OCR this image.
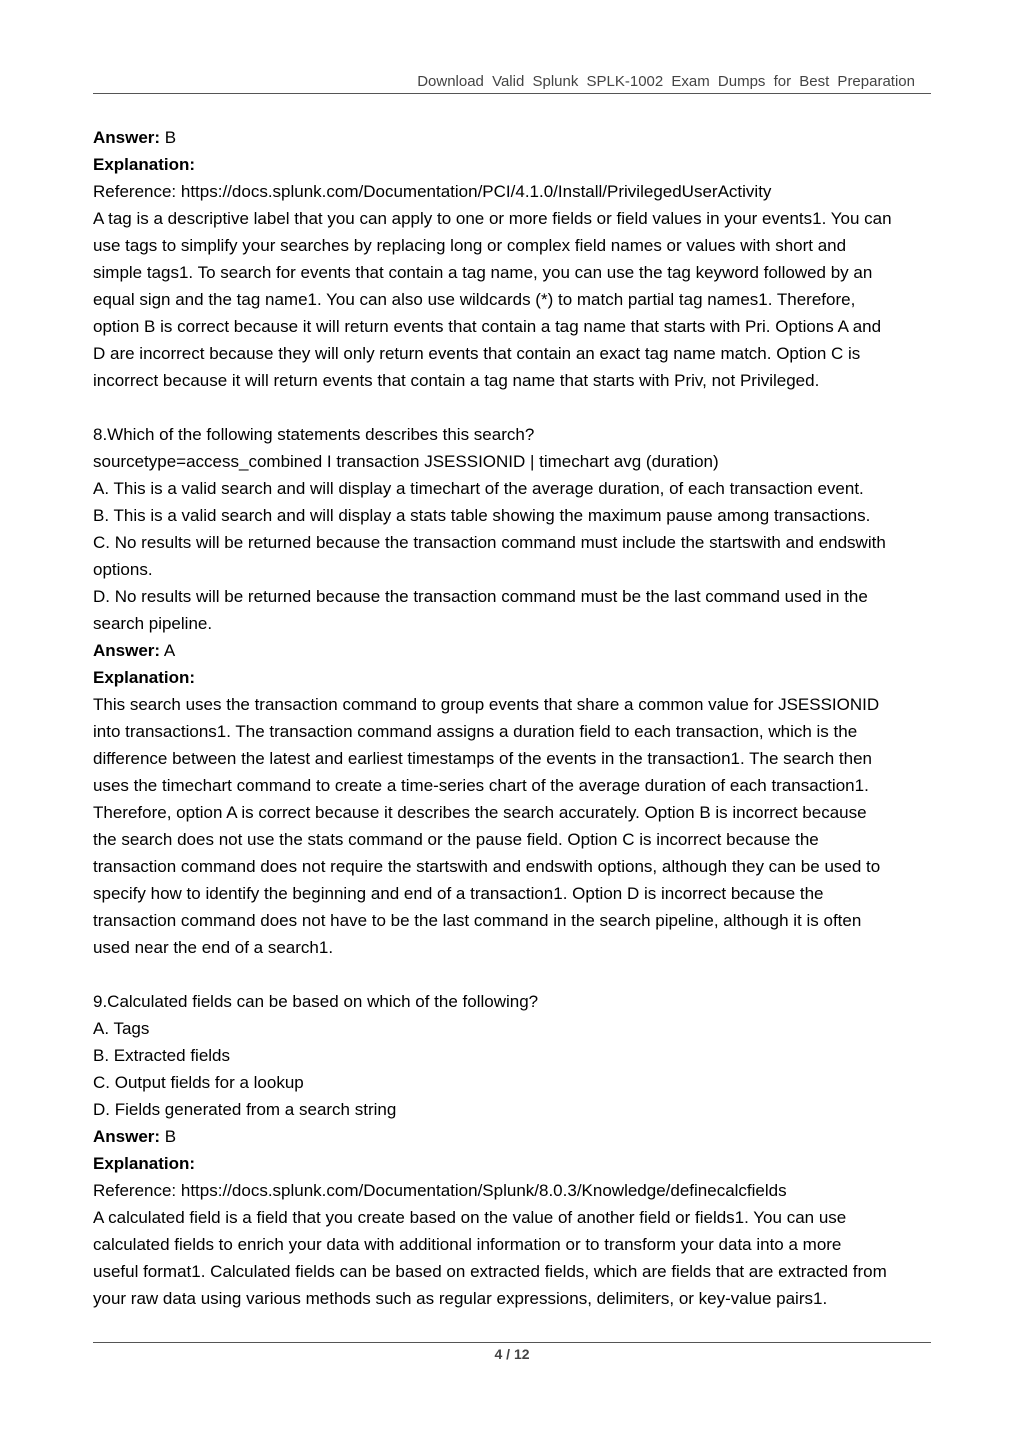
Download Valid Splunk SPLK-1002 Exam Dumps for Best Preparation
Answer: B
Explanation:
Reference: https://docs.splunk.com/Documentation/PCI/4.1.0/Install/PrivilegedUserActivity
A tag is a descriptive label that you can apply to one or more fields or field values in your events1. You can
use tags to simplify your searches by replacing long or complex field names or values with short and
simple tags1. To search for events that contain a tag name, you can use the tag keyword followed by an
equal sign and the tag name1. You can also use wildcards (*) to match partial tag names1. Therefore,
option B is correct because it will return events that contain a tag name that starts with Pri. Options A and
D are incorrect because they will only return events that contain an exact tag name match. Option C is
incorrect because it will return events that contain a tag name that starts with Priv, not Privileged.
8.Which of the following statements describes this search?
sourcetype=access_combined I transaction JSESSIONID | timechart avg (duration)
A. This is a valid search and will display a timechart of the average duration, of each transaction event.
B. This is a valid search and will display a stats table showing the maximum pause among transactions.
C. No results will be returned because the transaction command must include the startswith and endswith
options.
D. No results will be returned because the transaction command must be the last command used in the
search pipeline.
Answer: A
Explanation:
This search uses the transaction command to group events that share a common value for JSESSIONID
into transactions1. The transaction command assigns a duration field to each transaction, which is the
difference between the latest and earliest timestamps of the events in the transaction1. The search then
uses the timechart command to create a time-series chart of the average duration of each transaction1.
Therefore, option A is correct because it describes the search accurately. Option B is incorrect because
the search does not use the stats command or the pause field. Option C is incorrect because the
transaction command does not require the startswith and endswith options, although they can be used to
specify how to identify the beginning and end of a transaction1. Option D is incorrect because the
transaction command does not have to be the last command in the search pipeline, although it is often
used near the end of a search1.
9.Calculated fields can be based on which of the following?
A. Tags
B. Extracted fields
C. Output fields for a lookup
D. Fields generated from a search string
Answer: B
Explanation:
Reference: https://docs.splunk.com/Documentation/Splunk/8.0.3/Knowledge/definecalcfields
A calculated field is a field that you create based on the value of another field or fields1. You can use
calculated fields to enrich your data with additional information or to transform your data into a more
useful format1. Calculated fields can be based on extracted fields, which are fields that are extracted from
your raw data using various methods such as regular expressions, delimiters, or key-value pairs1.
4 / 12
